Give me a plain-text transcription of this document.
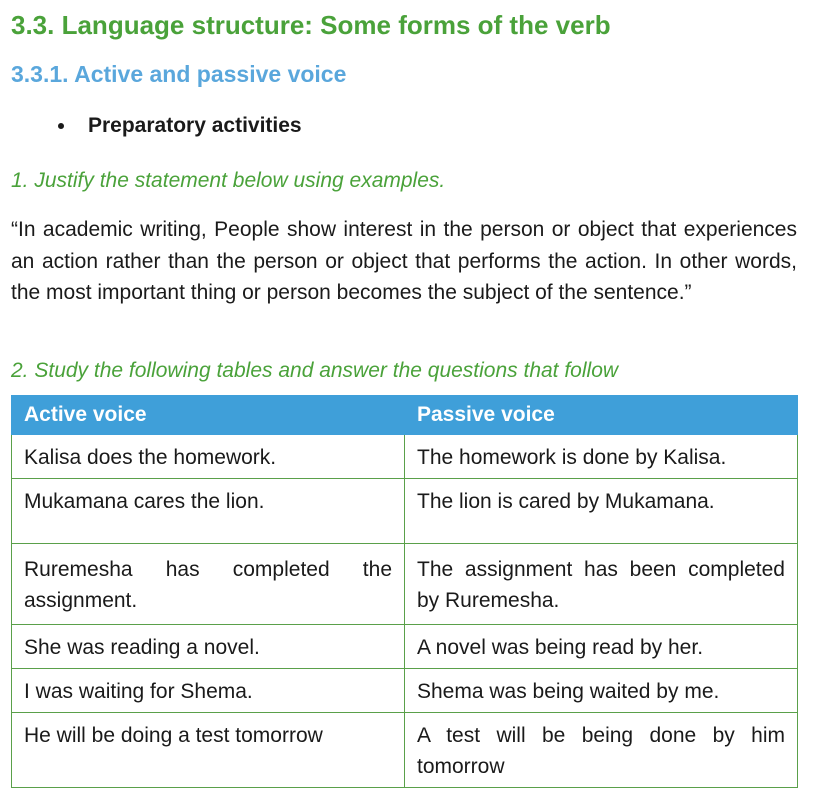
3.3. Language structure: Some forms of the verb
3.3.1. Active and passive voice
Preparatory activities

1. Justify the statement below using examples.

“In academic writing, People show interest in the person or object that experiences an action rather than the person or object that performs the action. In other words, the most important thing or person becomes the subject of the sentence.”

2. Study the following tables and answer the questions that follow

Active voice	Passive voice
Kalisa does the homework.	The homework is done by Kalisa.
Mukamana cares the lion.	The lion is cared by Mukamana.
Ruremesha has completed the assignment.	The assignment has been completed by Ruremesha.
She was reading a novel.	A novel was being read by her.
I was waiting for Shema.	Shema was being waited by me.
He will be doing a test tomorrow	A test will be being done by him tomorrow
